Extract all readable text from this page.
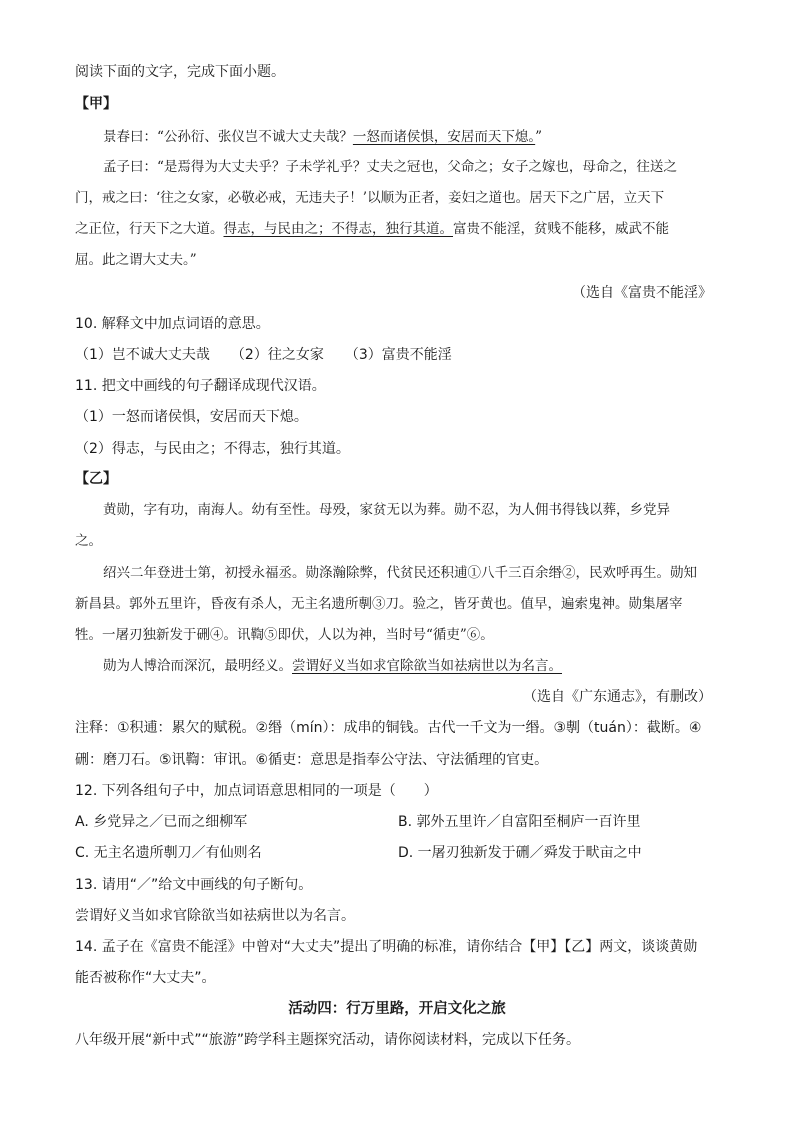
阅读下面的文字，完成下面小题。
【甲】
景春曰：“公孙衍、张仪岂不诚大丈夫哉？一怒而诸侯惧，安居而天下熄。”
孟子曰：“是焉得为大丈夫乎？子未学礼乎？丈夫之冠也，父命之；女子之嫁也，母命之，往送之
门，戒之曰：‘往之女家，必敬必戒，无违夫子！’以顺为正者，妾妇之道也。居天下之广居，立天下
之正位，行天下之大道。得志，与民由之；不得志，独行其道。富贵不能淫，贫贱不能移，威武不能
屈。此之谓大丈夫。”
（选自《富贵不能淫》
10. 解释文中加点词语的意思。
（1）岂不诚大丈夫哉　　（2）往之女家　　（3）富贵不能淫
11. 把文中画线的句子翻译成现代汉语。
（1）一怒而诸侯惧，安居而天下熄。
（2）得志，与民由之；不得志，独行其道。
【乙】
黄勋，字有功，南海人。幼有至性。母殁，家贫无以为葬。勋不忍，为人佣书得钱以葬，乡党异
之。
绍兴二年登进士第，初授永福丞。勋涤瀚除弊，代贫民还积逋①八千三百余缗②，民欢呼再生。勋知
新昌县。郭外五里许，昏夜有杀人，无主名遗所剸③刀。验之，皆牙黄也。值早，遍索鬼神。勋集屠宰
牲。一屠刃独新发于硎④。讯鞫⑤即伏，人以为神，当时号“循吏”⑥。
勋为人博洽而深沉，最明经义。尝谓好义当如求官除欲当如祛病世以为名言。
（选自《广东通志》，有删改）
注释：①积逋：累欠的赋税。②缗（mín）：成串的铜钱。古代一千文为一缗。③剸（tuán）：截断。④
硎：磨刀石。⑤讯鞫：审讯。⑥循吏：意思是指奉公守法、守法循理的官吏。
12. 下列各组句子中，加点词语意思相同的一项是（　　）
A. 乡党异之／已而之细柳军	B. 郭外五里许／自富阳至桐庐一百许里
C. 无主名遗所剸刀／有仙则名	D. 一屠刃独新发于硎／舜发于畎亩之中
13. 请用“／”给文中画线的句子断句。
尝谓好义当如求官除欲当如祛病世以为名言。
14. 孟子在《富贵不能淫》中曾对“大丈夫”提出了明确的标准，请你结合【甲】【乙】两文，谈谈黄勋
能否被称作“大丈夫”。
活动四：行万里路，开启文化之旅
八年级开展“新中式”“旅游”跨学科主题探究活动，请你阅读材料，完成以下任务。
